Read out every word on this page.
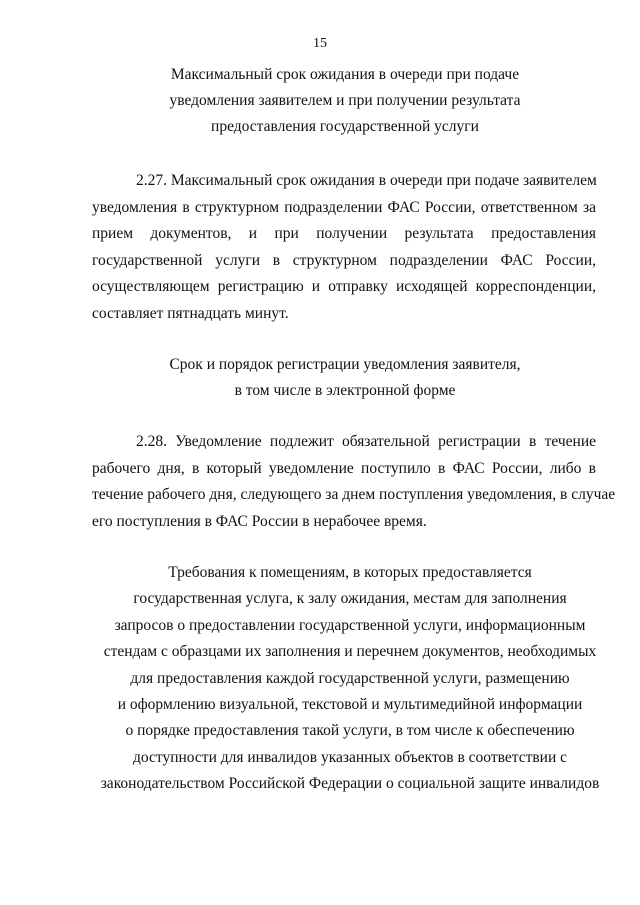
15
Максимальный срок ожидания в очереди при подаче
уведомления заявителем и при получении результата
предоставления государственной услуги
2.27. Максимальный срок ожидания в очереди при подаче заявителем
уведомления в структурном подразделении ФАС России, ответственном за
прием документов, и при получении результата предоставления
государственной услуги в структурном подразделении ФАС России,
осуществляющем регистрацию и отправку исходящей корреспонденции,
составляет пятнадцать минут.
Срок и порядок регистрации уведомления заявителя,
в том числе в электронной форме
2.28. Уведомление подлежит обязательной регистрации в течение
рабочего дня, в который уведомление поступило в ФАС России, либо в
течение рабочего дня, следующего за днем поступления уведомления, в случае
его поступления в ФАС России в нерабочее время.
Требования к помещениям, в которых предоставляется
государственная услуга, к залу ожидания, местам для заполнения
запросов о предоставлении государственной услуги, информационным
стендам с образцами их заполнения и перечнем документов, необходимых
для предоставления каждой государственной услуги, размещению
и оформлению визуальной, текстовой и мультимедийной информации
о порядке предоставления такой услуги, в том числе к обеспечению
доступности для инвалидов указанных объектов в соответствии с
законодательством Российской Федерации о социальной защите инвалидов
